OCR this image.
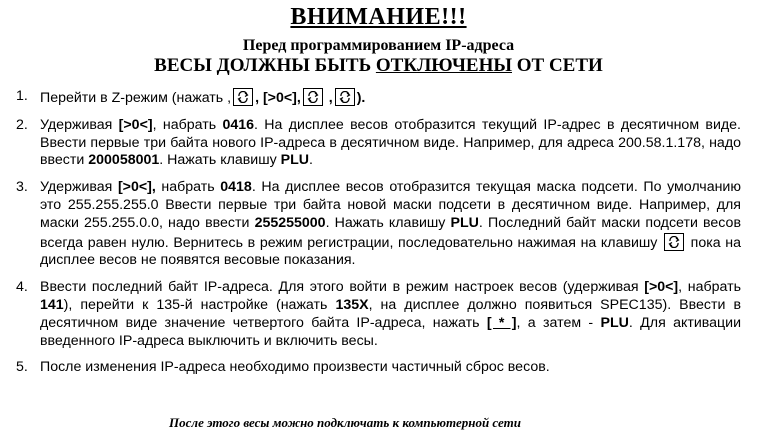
ВНИМАНИЕ!!!
Перед программированием IP-адреса
ВЕСЫ ДОЛЖНЫ БЫТЬ ОТКЛЮЧЕНЫ ОТ СЕТИ
1. Перейти в Z-режим (нажать , , [>0<],
, ).
2. Удерживая [>0<], набрать 0416. На дисплее весов отобразится текущий IP-адрес в десятичном виде. Ввести первые три байта нового IP-адреса в десятичном виде. Например, для адреса 200.58.1.178, надо ввести 200058001. Нажать клавишу PLU.
3. Удерживая [>0<], набрать 0418. На дисплее весов отобразится текущая маска подсети. По умолчанию это 255.255.255.0 Ввести первые три байта новой маски подсети в десятичном виде. Например, для маски 255.255.0.0, надо ввести 255255000. Нажать клавишу PLU. Последний байт маски подсети весов всегда равен нулю. Вернитесь в режим регистрации, последовательно нажимая на клавишу
пока на дисплее весов не появятся весовые показания.
4. Ввести последний байт IP-адреса. Для этого войти в режим настроек весов (удерживая [>0<], набрать 141), перейти к 135-й настройке (нажать 135X, на дисплее должно появиться SPEC135). Ввести в десятичном виде значение четвертого байта IP-адреса, нажать [ * ], а затем - PLU. Для активации введенного IP-адреса выключить и включить весы.
5. После изменения IP-адреса необходимо произвести частичный сброс весов.
После этого весы можно подключать к компьютерной сети
